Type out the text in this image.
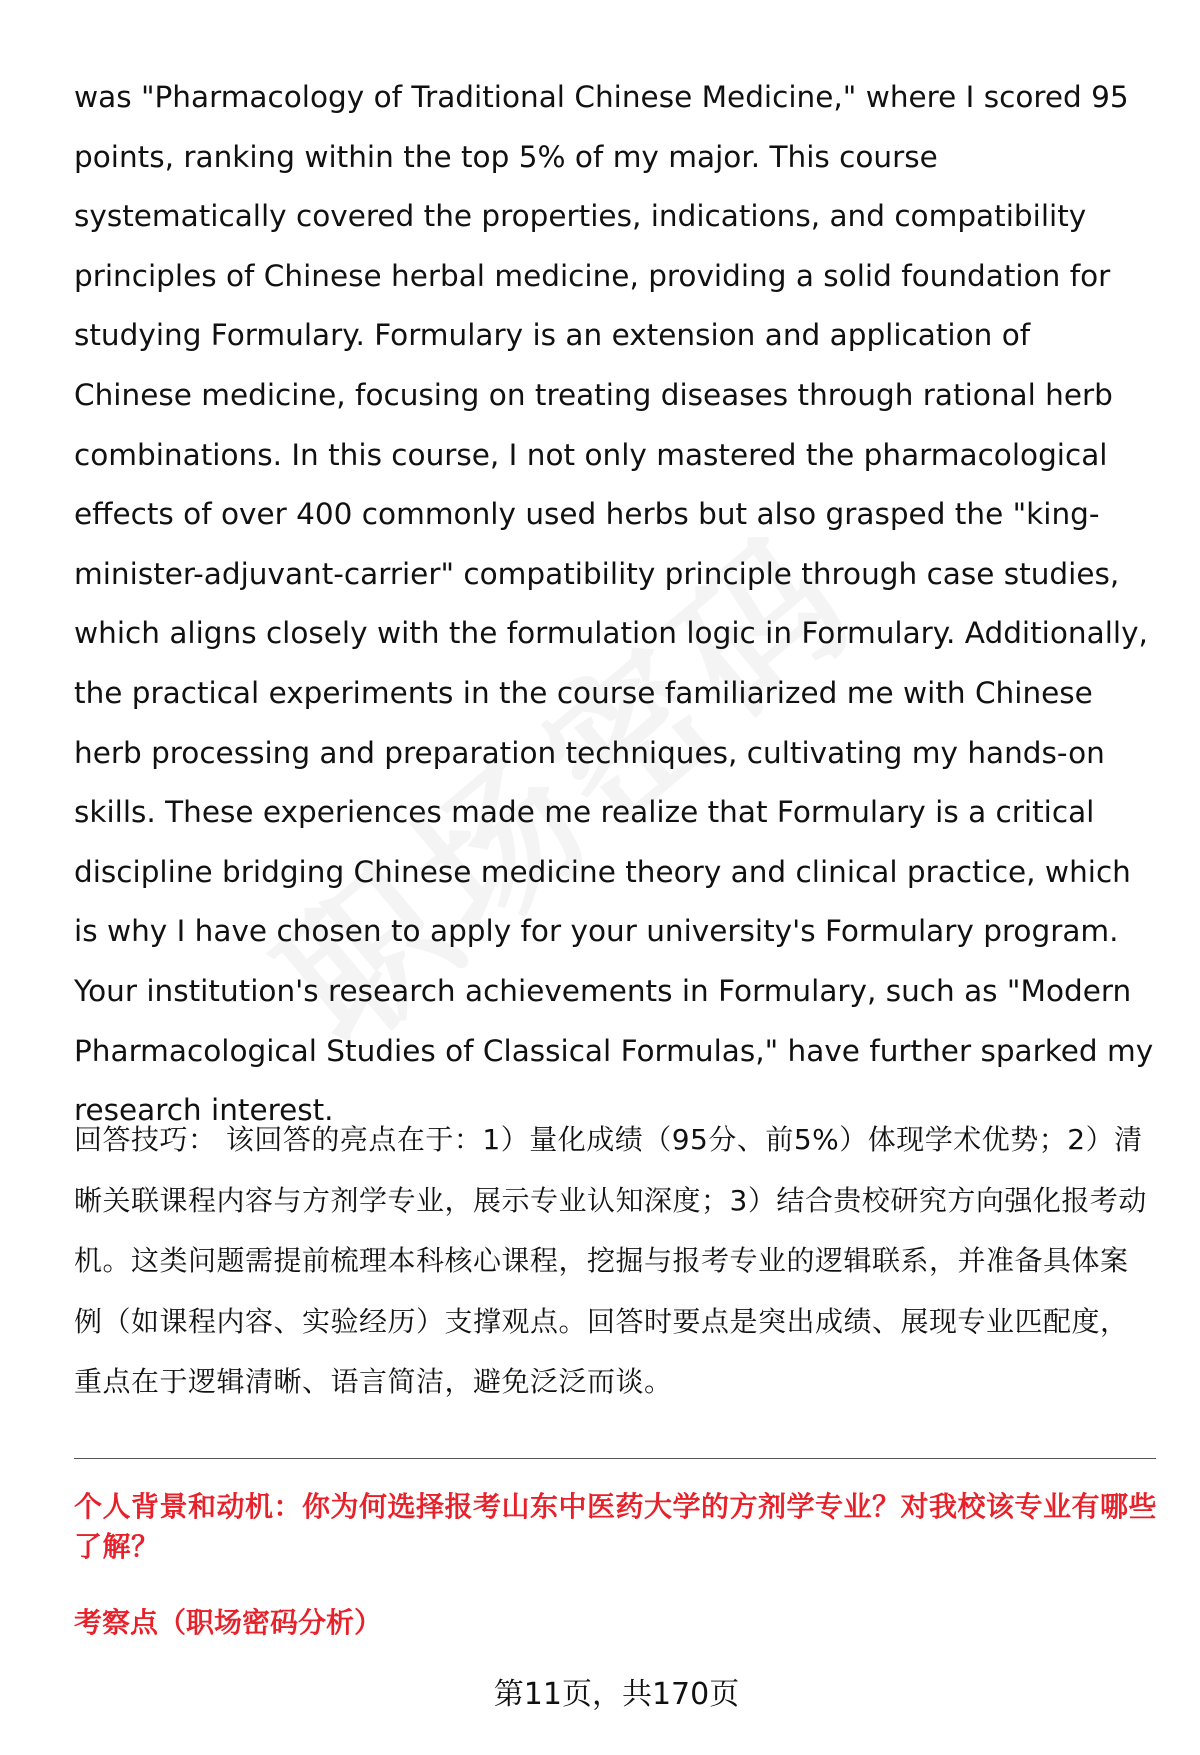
was "Pharmacology of Traditional Chinese Medicine," where I scored 95 points, ranking within the top 5% of my major. This course systematically covered the properties, indications, and compatibility principles of Chinese herbal medicine, providing a solid foundation for studying Formulary. Formulary is an extension and application of Chinese medicine, focusing on treating diseases through rational herb combinations. In this course, I not only mastered the pharmacological effects of over 400 commonly used herbs but also grasped the "king-minister-adjuvant-carrier" compatibility principle through case studies, which aligns closely with the formulation logic in Formulary. Additionally, the practical experiments in the course familiarized me with Chinese herb processing and preparation techniques, cultivating my hands-on skills. These experiences made me realize that Formulary is a critical discipline bridging Chinese medicine theory and clinical practice, which is why I have chosen to apply for your university's Formulary program. Your institution's research achievements in Formulary, such as "Modern Pharmacological Studies of Classical Formulas," have further sparked my research interest.

回答技巧： 该回答的亮点在于：1）量化成绩（95分、前5%）体现学术优势；2）清晰关联课程内容与方剂学专业，展示专业认知深度；3）结合贵校研究方向强化报考动机。这类问题需提前梳理本科核心课程，挖掘与报考专业的逻辑联系，并准备具体案例（如课程内容、实验经历）支撑观点。回答时要点是突出成绩、展现专业匹配度，重点在于逻辑清晰、语言简洁，避免泛泛而谈。

个人背景和动机：你为何选择报考山东中医药大学的方剂学专业？对我校该专业有哪些了解？

考察点（职场密码分析）

第11页，共170页
